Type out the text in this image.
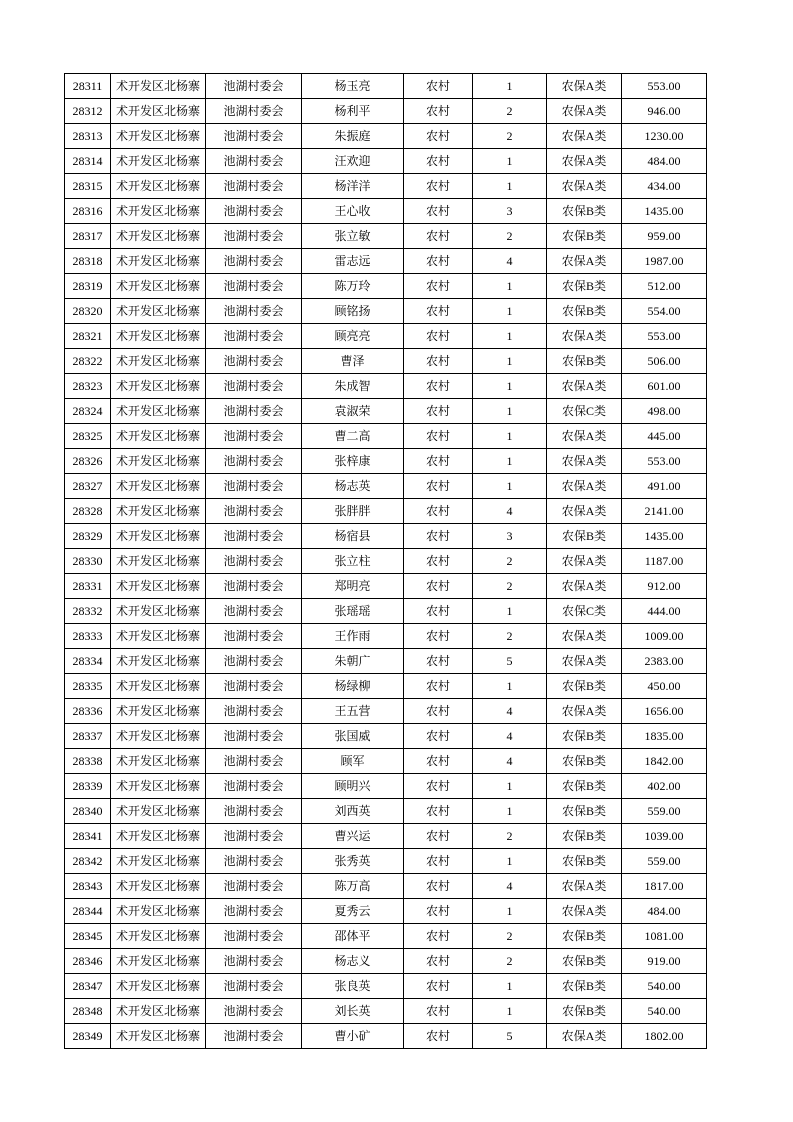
28311	术开发区北杨寨	池湖村委会	杨玉亮	农村	1	农保A类	553.00
28312	术开发区北杨寨	池湖村委会	杨利平	农村	2	农保A类	946.00
28313	术开发区北杨寨	池湖村委会	朱振庭	农村	2	农保A类	1230.00
28314	术开发区北杨寨	池湖村委会	汪欢迎	农村	1	农保A类	484.00
28315	术开发区北杨寨	池湖村委会	杨洋洋	农村	1	农保A类	434.00
28316	术开发区北杨寨	池湖村委会	王心收	农村	3	农保B类	1435.00
28317	术开发区北杨寨	池湖村委会	张立敏	农村	2	农保B类	959.00
28318	术开发区北杨寨	池湖村委会	雷志远	农村	4	农保A类	1987.00
28319	术开发区北杨寨	池湖村委会	陈万玲	农村	1	农保B类	512.00
28320	术开发区北杨寨	池湖村委会	顾铭扬	农村	1	农保B类	554.00
28321	术开发区北杨寨	池湖村委会	顾亮亮	农村	1	农保A类	553.00
28322	术开发区北杨寨	池湖村委会	曹泽	农村	1	农保B类	506.00
28323	术开发区北杨寨	池湖村委会	朱成智	农村	1	农保A类	601.00
28324	术开发区北杨寨	池湖村委会	袁淑荣	农村	1	农保C类	498.00
28325	术开发区北杨寨	池湖村委会	曹二高	农村	1	农保A类	445.00
28326	术开发区北杨寨	池湖村委会	张梓康	农村	1	农保A类	553.00
28327	术开发区北杨寨	池湖村委会	杨志英	农村	1	农保A类	491.00
28328	术开发区北杨寨	池湖村委会	张胖胖	农村	4	农保A类	2141.00
28329	术开发区北杨寨	池湖村委会	杨宿县	农村	3	农保B类	1435.00
28330	术开发区北杨寨	池湖村委会	张立柱	农村	2	农保A类	1187.00
28331	术开发区北杨寨	池湖村委会	郑明亮	农村	2	农保A类	912.00
28332	术开发区北杨寨	池湖村委会	张瑶瑶	农村	1	农保C类	444.00
28333	术开发区北杨寨	池湖村委会	王作雨	农村	2	农保A类	1009.00
28334	术开发区北杨寨	池湖村委会	朱朝广	农村	5	农保A类	2383.00
28335	术开发区北杨寨	池湖村委会	杨绿柳	农村	1	农保B类	450.00
28336	术开发区北杨寨	池湖村委会	王五营	农村	4	农保A类	1656.00
28337	术开发区北杨寨	池湖村委会	张国威	农村	4	农保B类	1835.00
28338	术开发区北杨寨	池湖村委会	顾军	农村	4	农保B类	1842.00
28339	术开发区北杨寨	池湖村委会	顾明兴	农村	1	农保B类	402.00
28340	术开发区北杨寨	池湖村委会	刘西英	农村	1	农保B类	559.00
28341	术开发区北杨寨	池湖村委会	曹兴运	农村	2	农保B类	1039.00
28342	术开发区北杨寨	池湖村委会	张秀英	农村	1	农保B类	559.00
28343	术开发区北杨寨	池湖村委会	陈万高	农村	4	农保A类	1817.00
28344	术开发区北杨寨	池湖村委会	夏秀云	农村	1	农保A类	484.00
28345	术开发区北杨寨	池湖村委会	邵体平	农村	2	农保B类	1081.00
28346	术开发区北杨寨	池湖村委会	杨志义	农村	2	农保B类	919.00
28347	术开发区北杨寨	池湖村委会	张良英	农村	1	农保B类	540.00
28348	术开发区北杨寨	池湖村委会	刘长英	农村	1	农保B类	540.00
28349	术开发区北杨寨	池湖村委会	曹小矿	农村	5	农保A类	1802.00
